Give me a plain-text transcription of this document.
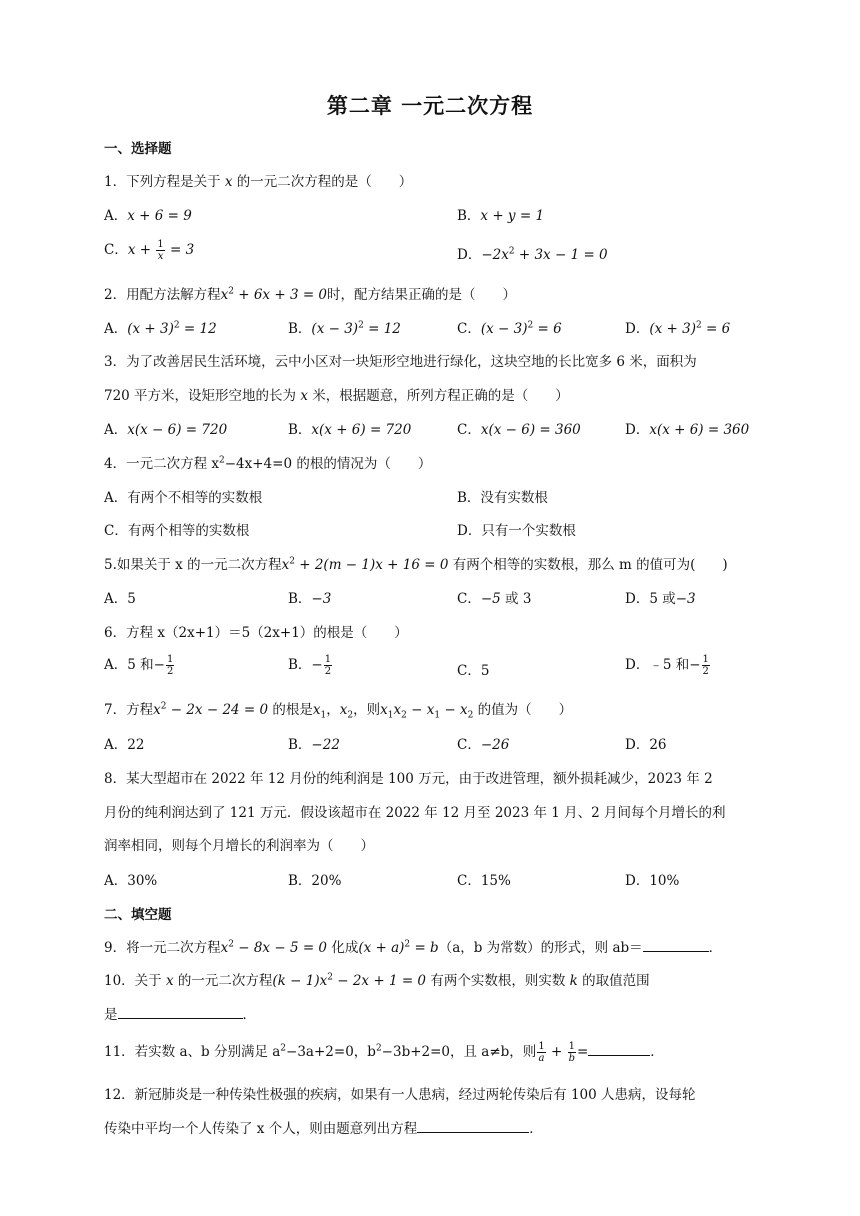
第二章 一元二次方程
一、选择题
1．下列方程是关于 x 的一元二次方程的是（　　）
A．x + 6 = 9	B．x + y = 1
C．$x + \frac{1}{x} = 3$	D．$-2x^2 + 3x - 1 = 0$
2．用配方法解方程$x^2 + 6x + 3 = 0$时，配方结果正确的是（　　）
A．$(x + 3)^2 = 12$	B．$(x - 3)^2 = 12$	C．$(x - 3)^2 = 6$	D．$(x + 3)^2 = 6$
3．为了改善居民生活环境，云中小区对一块矩形空地进行绿化，这块空地的长比宽多 6 米，面积为
720 平方米，设矩形空地的长为 x 米，根据题意，所列方程正确的是（　　）
A．x(x − 6) = 720	B．x(x + 6) = 720	C．x(x − 6) = 360	D．x(x + 6) = 360
4．一元二次方程 $x^2-4x+4=0$ 的根的情况为（　　）
A．有两个不相等的实数根	B．没有实数根
C．有两个相等的实数根	D．只有一个实数根
5.如果关于 x 的一元二次方程$x^2 + 2(m - 1)x + 16 = 0$ 有两个相等的实数根，那么 m 的值可为(　　)
A．5	B．−3	C．−5 或 3	D．5 或−3
6．方程 x（2x+1）＝5（2x+1）的根是（　　）
A．5 和− $\frac{1}{2}$	B．− $\frac{1}{2}$	C．5	D．﹣5 和− $\frac{1}{2}$
7．方程$x^2 - 2x - 24 = 0$ 的根是$x_1$，$x_2$，则$x_1x_2 - x_1 - x_2$ 的值为（　　）
A．22	B．−22	C．−26	D．26
8．某大型超市在 2022 年 12 月份的纯利润是 100 万元，由于改进管理，额外损耗减少，2023 年 2
月份的纯利润达到了 121 万元．假设该超市在 2022 年 12 月至 2023 年 1 月、2 月间每个月增长的利
润率相同，则每个月增长的利润率为（　　）
A．30%	B．20%	C．15%	D．10%
二、填空题
9．将一元二次方程$x^2 - 8x - 5 = 0$ 化成$(x + a)^2 = b(a$，b 为常数）的形式，则 ab＝	．
10．关于 x 的一元二次方程$(k - 1)x^2 - 2x + 1 = 0$ 有两个实数根，则实数 k 的取值范围
是	．
11．若实数 a、b 分别满足 $a^2-3a+2=0$，$b^2-3b+2=0$，且 a≠b，则 $\frac{1}{a} + \frac{1}{b}$ =	．
12．新冠肺炎是一种传染性极强的疾病，如果有一人患病，经过两轮传染后有 100 人患病，设每轮
传染中平均一个人传染了 x 个人，则由题意列出方程	．
